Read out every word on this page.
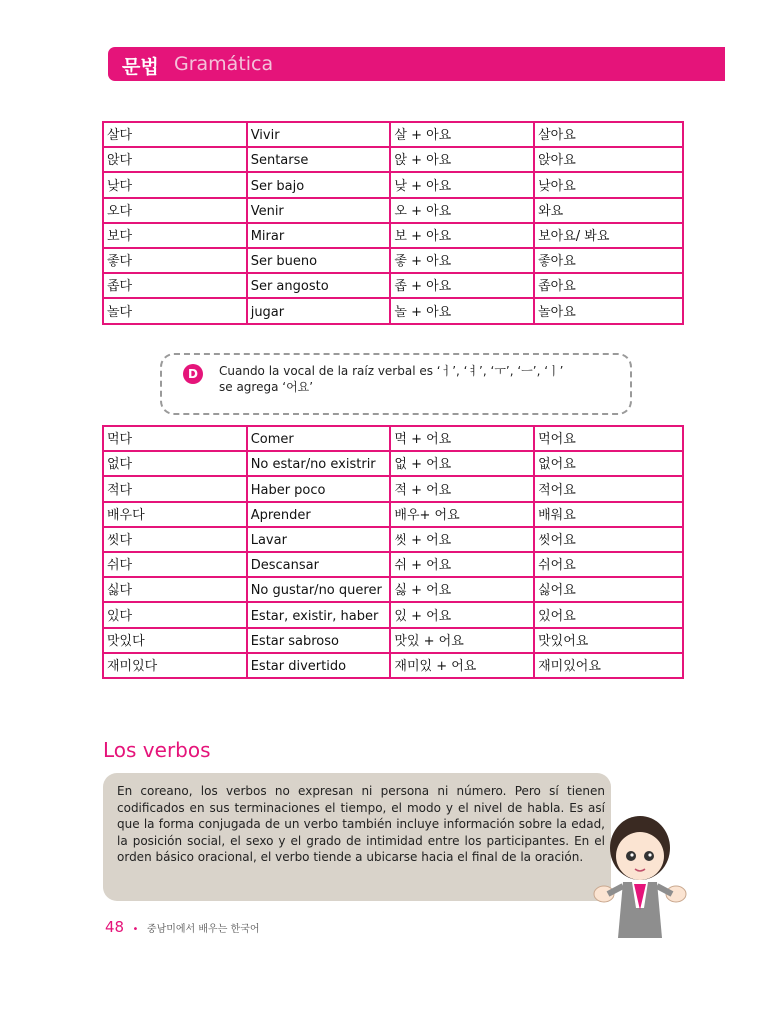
문법 Gramática
살다	Vivir	살 + 아요	살아요
앉다	Sentarse	앉 + 아요	앉아요
낮다	Ser bajo	낮 + 아요	낮아요
오다	Venir	오 + 아요	와요
보다	Mirar	보 + 아요	보아요/ 봐요
좋다	Ser bueno	좋 + 아요	좋아요
좁다	Ser angosto	좁 + 아요	좁아요
놀다	jugar	놀 + 아요	놀아요
D	Cuando la vocal de la raíz verbal es ‘ㅓ’, ‘ㅕ’, ‘ㅜ’, ‘ㅡ’, ‘ㅣ’
se agrega ‘어요’
먹다	Comer	먹 + 어요	먹어요
없다	No estar/no existrir	없 + 어요	없어요
적다	Haber poco	적 + 어요	적어요
배우다	Aprender	배우+ 어요	배워요
씻다	Lavar	씻 + 어요	씻어요
쉬다	Descansar	쉬 + 어요	쉬어요
싫다	No gustar/no querer	싫 + 어요	싫어요
있다	Estar, existir, haber	있 + 어요	있어요
맛있다	Estar sabroso	맛있 + 어요	맛있어요
재미있다	Estar divertido	재미있 + 어요	재미있어요
Los verbos
En coreano, los verbos no expresan ni persona ni número. Pero sí tienen codificados en sus terminaciones el tiempo, el modo y el nivel de habla. Es así que la forma conjugada de un verbo también incluye información sobre la edad, la posición social, el sexo y el grado de intimidad entre los participantes. En el orden básico oracional, el verbo tiende a ubicarse hacia el final de la oración.
48 • 중남미에서 배우는 한국어
